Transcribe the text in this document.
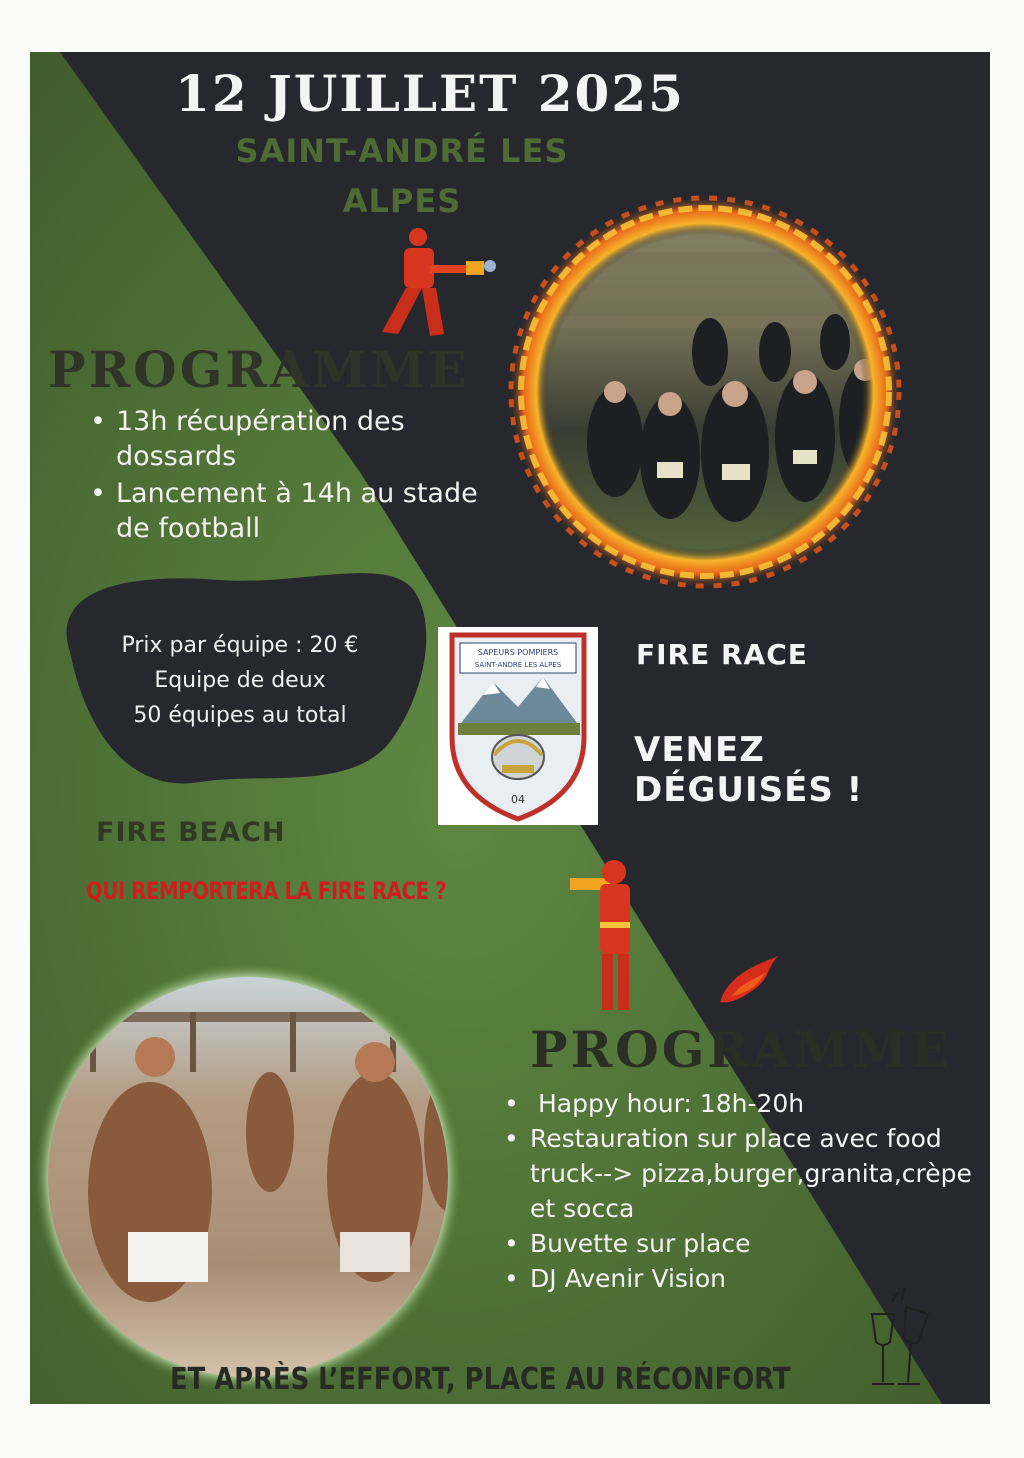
12 JUILLET 2025
SAINT-ANDRÉ LES
ALPES
PROGRAMME
• 13h récupération des dossards
• Lancement à 14h au stade de football
Prix par équipe : 20 €
Equipe de deux
50 équipes au total
SAPEURS POMPIERS
SAINT-ANDRÉ LES ALPES
04
FIRE RACE
VENEZ
DÉGUISÉS !
FIRE BEACH
QUI REMPORTERA LA FIRE RACE ?
PROGRAMME
• Happy hour: 18h-20h
• Restauration sur place avec food truck--> pizza,burger,granita,crèpe et socca
• Buvette sur place
• DJ Avenir Vision
ET APRÈS L’EFFORT, PLACE AU RÉCONFORT
